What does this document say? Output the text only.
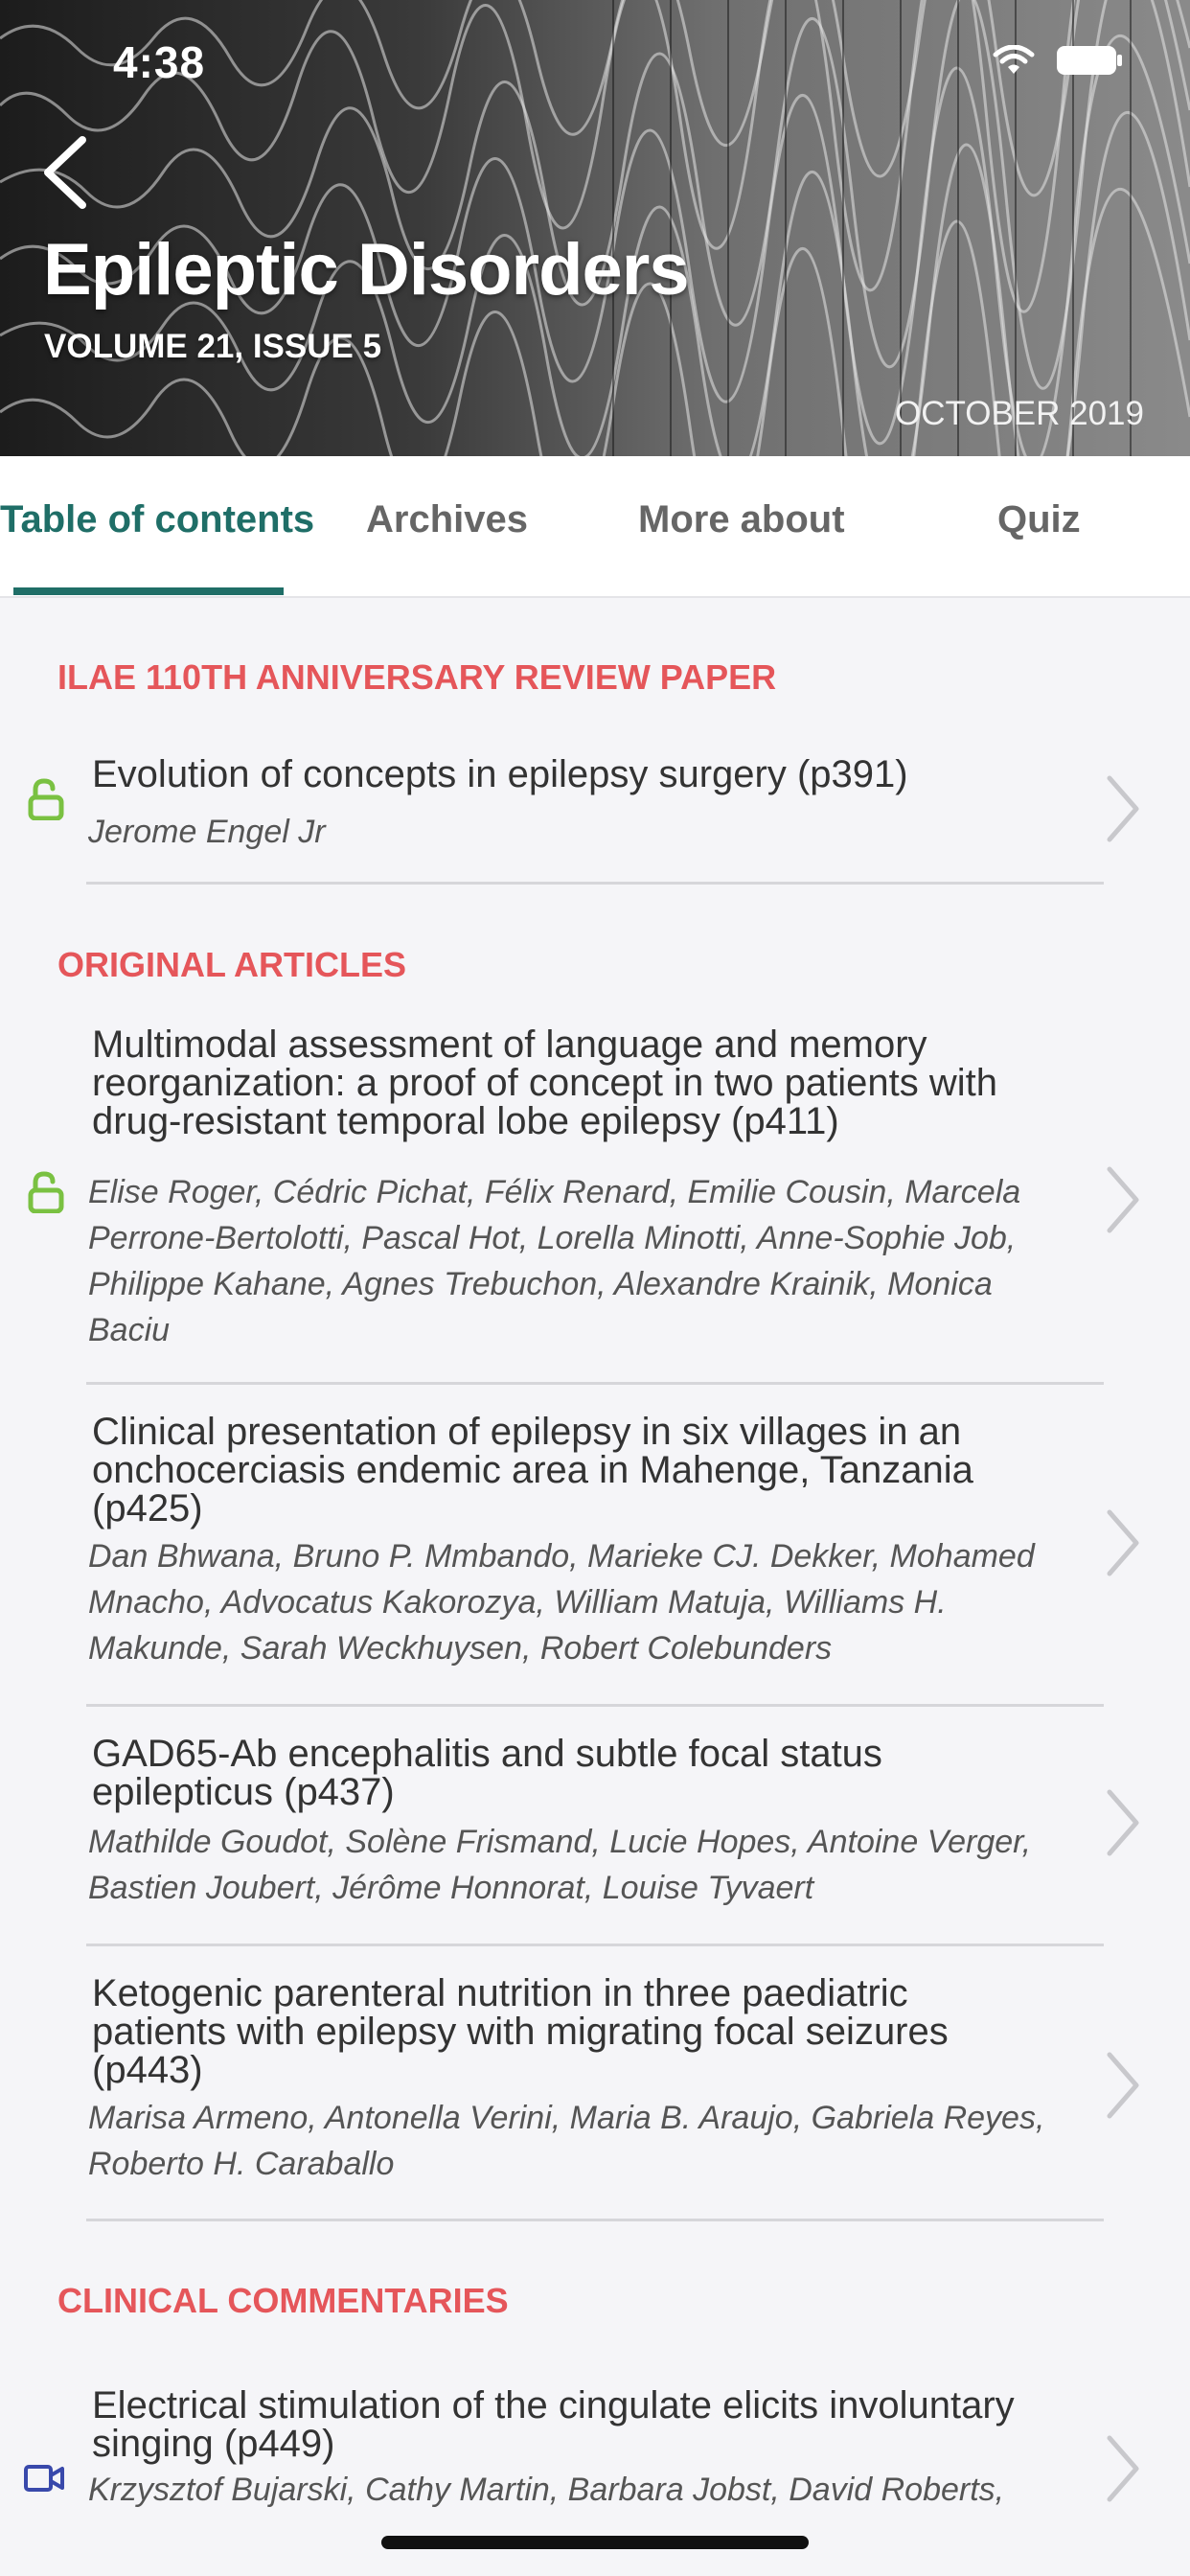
4:38
Epileptic Disorders
VOLUME 21, ISSUE 5
OCTOBER 2019
Table of contents Archives	More about	Quiz
ILAE 110TH ANNIVERSARY REVIEW PAPER
Evolution of concepts in epilepsy surgery (p391)
Jerome Engel Jr
ORIGINAL ARTICLES
Multimodal assessment of language and memory reorganization: a proof of concept in two patients with drug-resistant temporal lobe epilepsy (p411)
Elise Roger, Cédric Pichat, Félix Renard, Emilie Cousin, Marcela Perrone-Bertolotti, Pascal Hot, Lorella Minotti, Anne-Sophie Job, Philippe Kahane, Agnes Trebuchon, Alexandre Krainik, Monica Baciu
Clinical presentation of epilepsy in six villages in an onchocerciasis endemic area in Mahenge, Tanzania (p425)
Dan Bhwana, Bruno P. Mmbando, Marieke CJ. Dekker, Mohamed Mnacho, Advocatus Kakorozya, William Matuja, Williams H. Makunde, Sarah Weckhuysen, Robert Colebunders
GAD65-Ab encephalitis and subtle focal status epilepticus (p437)
Mathilde Goudot, Solène Frismand, Lucie Hopes, Antoine Verger, Bastien Joubert, Jérôme Honnorat, Louise Tyvaert
Ketogenic parenteral nutrition in three paediatric patients with epilepsy with migrating focal seizures (p443)
Marisa Armeno, Antonella Verini, Maria B. Araujo, Gabriela Reyes, Roberto H. Caraballo
CLINICAL COMMENTARIES
Electrical stimulation of the cingulate elicits involuntary singing (p449)
Krzysztof Bujarski, Cathy Martin, Barbara Jobst, David Roberts,
